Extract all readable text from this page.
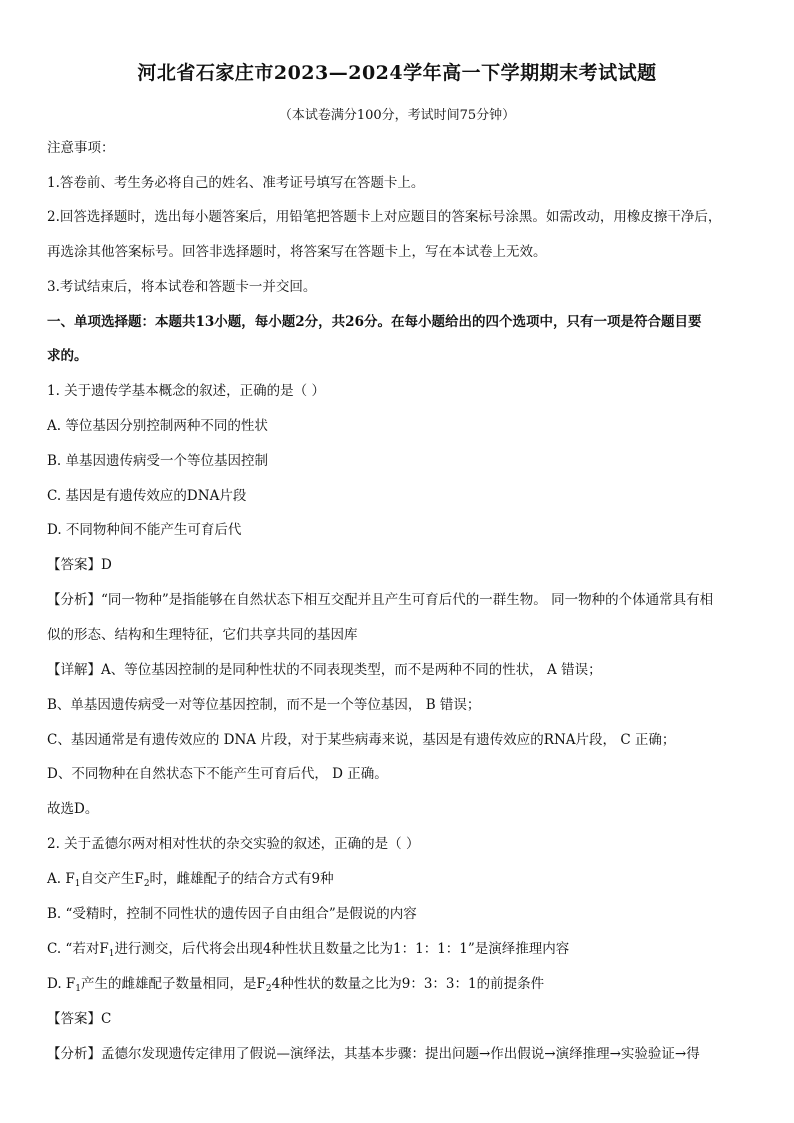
河北省石家庄市2023—2024学年高一下学期期末考试试题
（本试卷满分100分，考试时间75分钟）
注意事项：
1.答卷前、考生务必将自己的姓名、准考证号填写在答题卡上。
2.回答选择题时，选出每小题答案后，用铅笔把答题卡上对应题目的答案标号涂黑。如需改动，用橡皮擦干净后，
再选涂其他答案标号。回答非选择题时，将答案写在答题卡上，写在本试卷上无效。
3.考试结束后，将本试卷和答题卡一并交回。
一、单项选择题：本题共13小题，每小题2分，共26分。在每小题给出的四个选项中，只有一项是符合题目要
求的。
1. 关于遗传学基本概念的叙述，正确的是（ ）
A. 等位基因分别控制两种不同的性状
B. 单基因遗传病受一个等位基因控制
C. 基因是有遗传效应的DNA片段
D. 不同物种间不能产生可育后代
【答案】D
【分析】“同一物种”是指能够在自然状态下相互交配并且产生可育后代的一群生物。 同一物种的个体通常具有相
似的形态、结构和生理特征，它们共享共同的基因库
【详解】A、等位基因控制的是同种性状的不同表现类型，而不是两种不同的性状， A 错误；
B、单基因遗传病受一对等位基因控制，而不是一个等位基因， B 错误；
C、基因通常是有遗传效应的 DNA 片段，对于某些病毒来说，基因是有遗传效应的RNA片段， C 正确；
D、不同物种在自然状态下不能产生可育后代， D 正确。
故选D。
2. 关于孟德尔两对相对性状的杂交实验的叙述，正确的是（ ）
A. $F_1$自交产生$F_2$时，雌雄配子的结合方式有9种
B. “受精时，控制不同性状的遗传因子自由组合”是假说的内容
C. “若对$F_1$进行测交，后代将会出现4种性状且数量之比为1：1：1：1”是演绎推理内容
D. $F_1$产生的雌雄配子数量相同，是$F_24$种性状的数量之比为9：3：3：1的前提条件
【答案】C
【分析】孟德尔发现遗传定律用了假说—演绎法，其基本步骤：提出问题→作出假说→演绎推理→实验验证→得
